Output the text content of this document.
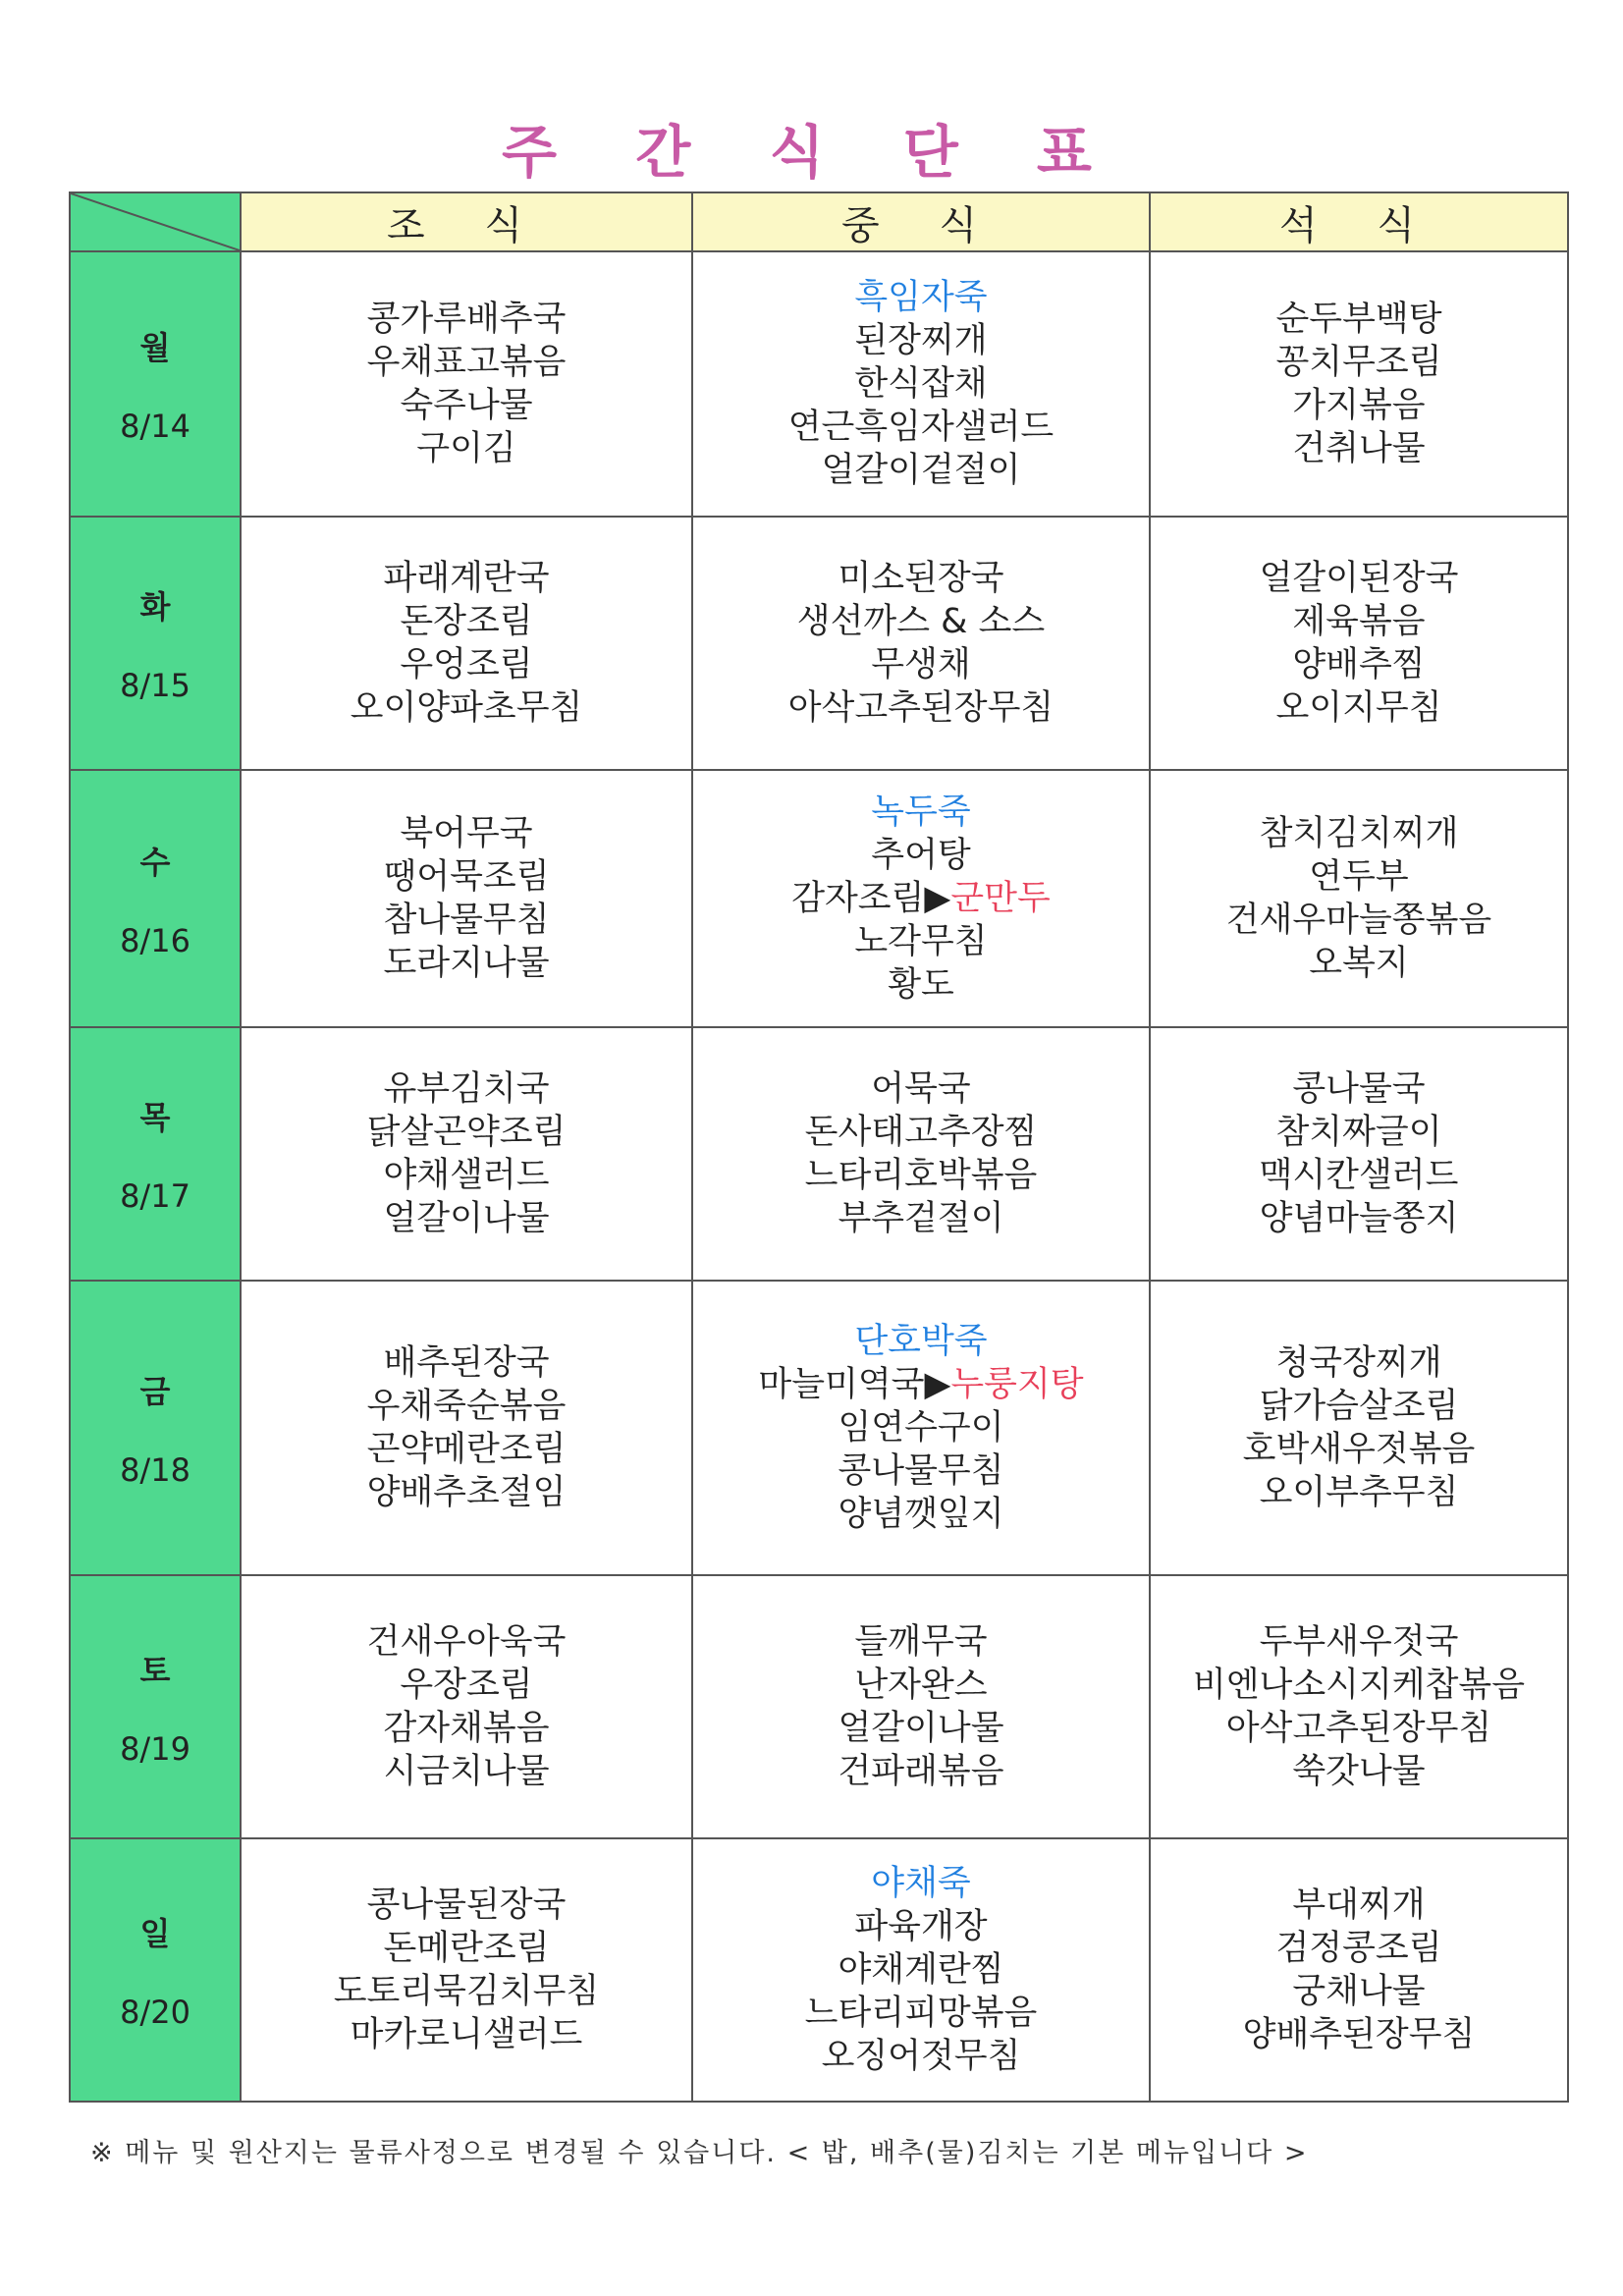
주 간 식 단 표
	조 식	중 식	석 식

월
8/14	콩가루배추국
우채표고볶음
숙주나물
구이김	흑임자죽
된장찌개
한식잡채
연근흑임자샐러드
얼갈이겉절이	순두부백탕
꽁치무조림
가지볶음
건취나물

화
8/15	파래계란국
돈장조림
우엉조림
오이양파초무침	미소된장국
생선까스 & 소스
무생채
아삭고추된장무침	얼갈이된장국
제육볶음
양배추찜
오이지무침

수
8/16	북어무국
땡어묵조림
참나물무침
도라지나물	녹두죽
추어탕
감자조림▶군만두
노각무침
황도	참치김치찌개
연두부
건새우마늘쫑볶음
오복지

목
8/17	유부김치국
닭살곤약조림
야채샐러드
얼갈이나물	어묵국
돈사태고추장찜
느타리호박볶음
부추겉절이	콩나물국
참치짜글이
맥시칸샐러드
양념마늘쫑지

금
8/18	배추된장국
우채죽순볶음
곤약메란조림
양배추초절임	단호박죽
마늘미역국▶누룽지탕
임연수구이
콩나물무침
양념깻잎지	청국장찌개
닭가슴살조림
호박새우젓볶음
오이부추무침

토
8/19	건새우아욱국
우장조림
감자채볶음
시금치나물	들깨무국
난자완스
얼갈이나물
건파래볶음	두부새우젓국
비엔나소시지케찹볶음
아삭고추된장무침
쑥갓나물

일
8/20	콩나물된장국
돈메란조림
도토리묵김치무침
마카로니샐러드	야채죽
파육개장
야채계란찜
느타리피망볶음
오징어젓무침	부대찌개
검정콩조림
궁채나물
양배추된장무침
※ 메뉴 및 원산지는 물류사정으로 변경될 수 있습니다. < 밥, 배추(물)김치는 기본 메뉴입니다 >
